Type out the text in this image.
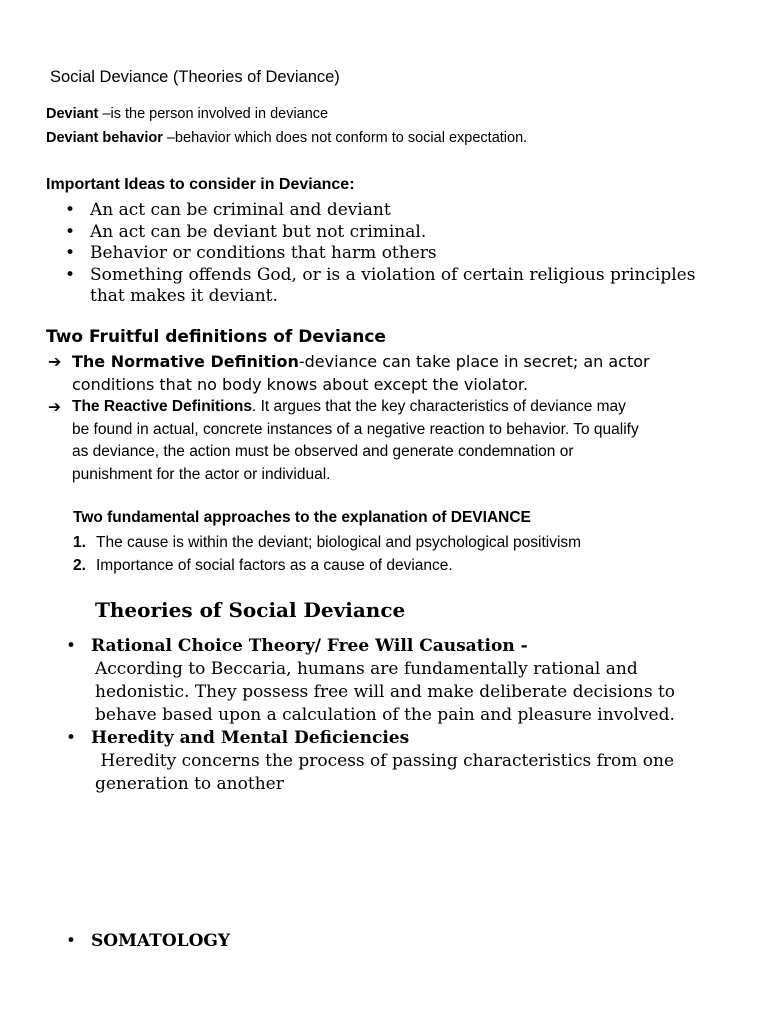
Social Deviance (Theories of Deviance)
Deviant –is the person involved in deviance
Deviant behavior –behavior which does not conform to social expectation.
Important Ideas to consider in Deviance:
• An act can be criminal and deviant
• An act can be deviant but not criminal.
• Behavior or conditions that harm others
• Something offends God, or is a violation of certain religious principles
that makes it deviant.
Two Fruitful definitions of Deviance
➔ The Normative Definition-deviance can take place in secret; an actor
conditions that no body knows about except the violator.
➔ The Reactive Definitions. It argues that the key characteristics of deviance may
be found in actual, concrete instances of a negative reaction to behavior. To qualify
as deviance, the action must be observed and generate condemnation or
punishment for the actor or individual.
Two fundamental approaches to the explanation of DEVIANCE
1. The cause is within the deviant; biological and psychological positivism
2. Importance of social factors as a cause of deviance.
Theories of Social Deviance
• Rational Choice Theory/ Free Will Causation -
According to Beccaria, humans are fundamentally rational and
hedonistic. They possess free will and make deliberate decisions to
behave based upon a calculation of the pain and pleasure involved.
• Heredity and Mental Deficiencies
Heredity concerns the process of passing characteristics from one
generation to another
• SOMATOLOGY
